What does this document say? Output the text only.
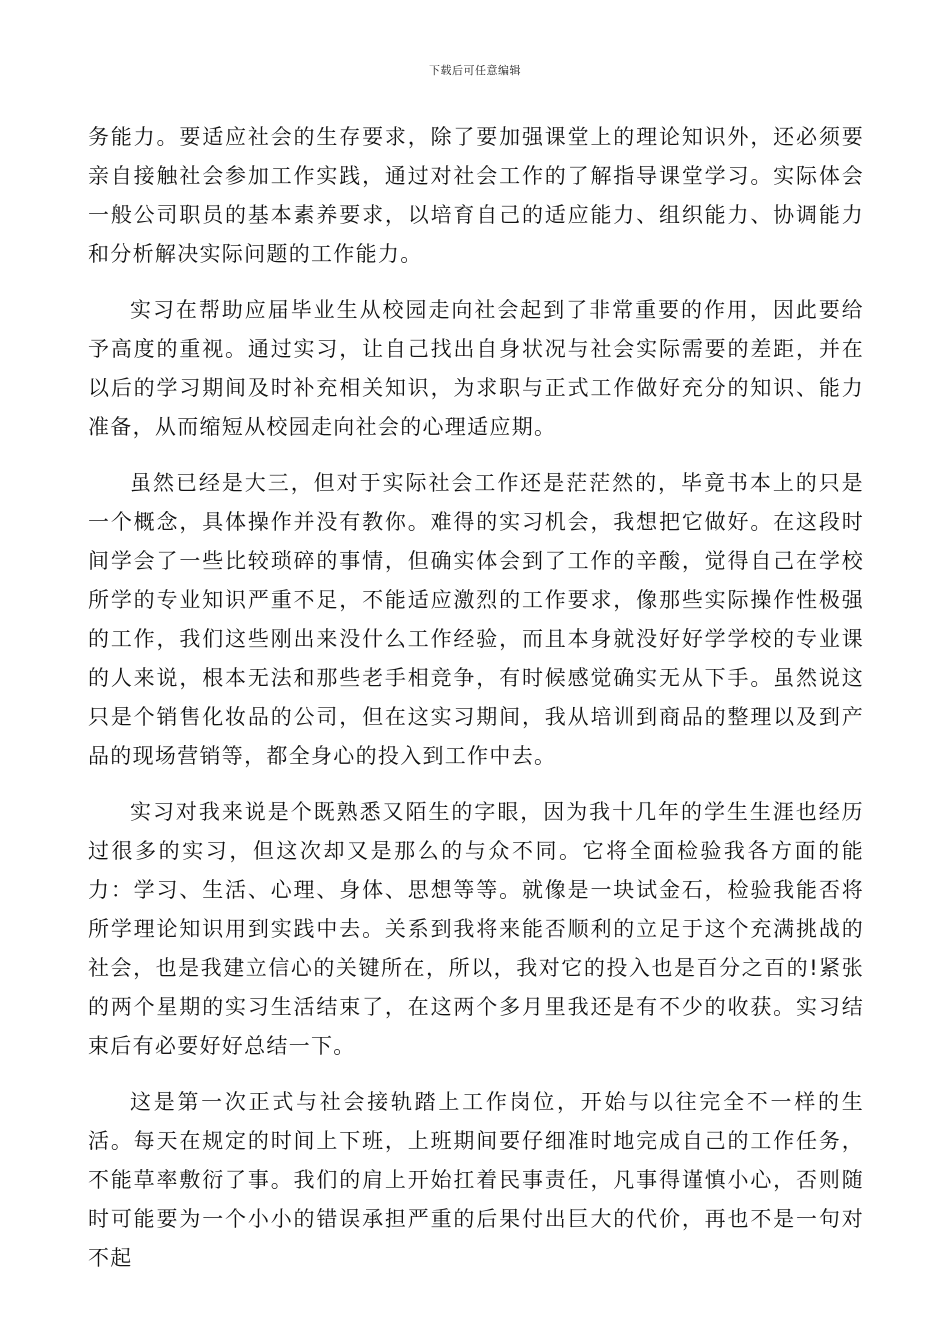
下载后可任意编辑

务能力。要适应社会的生存要求，除了要加强课堂上的理论知识外，还必须要亲自接触社会参加工作实践，通过对社会工作的了解指导课堂学习。实际体会一般公司职员的基本素养要求，以培育自己的适应能力、组织能力、协调能力和分析解决实际问题的工作能力。

实习在帮助应届毕业生从校园走向社会起到了非常重要的作用，因此要给予高度的重视。通过实习，让自己找出自身状况与社会实际需要的差距，并在以后的学习期间及时补充相关知识，为求职与正式工作做好充分的知识、能力准备，从而缩短从校园走向社会的心理适应期。

虽然已经是大三，但对于实际社会工作还是茫茫然的，毕竟书本上的只是一个概念，具体操作并没有教你。难得的实习机会，我想把它做好。在这段时间学会了一些比较琐碎的事情，但确实体会到了工作的辛酸，觉得自己在学校所学的专业知识严重不足，不能适应激烈的工作要求，像那些实际操作性极强的工作，我们这些刚出来没什么工作经验，而且本身就没好好学学校的专业课的人来说，根本无法和那些老手相竞争，有时候感觉确实无从下手。虽然说这只是个销售化妆品的公司，但在这实习期间，我从培训到商品的整理以及到产品的现场营销等，都全身心的投入到工作中去。

实习对我来说是个既熟悉又陌生的字眼，因为我十几年的学生生涯也经历过很多的实习，但这次却又是那么的与众不同。它将全面检验我各方面的能力：学习、生活、心理、身体、思想等等。就像是一块试金石，检验我能否将所学理论知识用到实践中去。关系到我将来能否顺利的立足于这个充满挑战的社会，也是我建立信心的关键所在，所以，我对它的投入也是百分之百的!紧张的两个星期的实习生活结束了，在这两个多月里我还是有不少的收获。实习结束后有必要好好总结一下。

这是第一次正式与社会接轨踏上工作岗位，开始与以往完全不一样的生活。每天在规定的时间上下班，上班期间要仔细准时地完成自己的工作任务，不能草率敷衍了事。我们的肩上开始扛着民事责任，凡事得谨慎小心，否则随时可能要为一个小小的错误承担严重的后果付出巨大的代价，再也不是一句对不起
